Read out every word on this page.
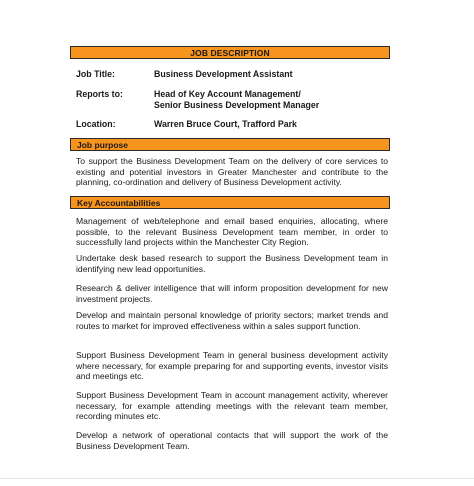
JOB DESCRIPTION
Job Title:	Business Development Assistant
Reports to:	Head of Key Account Management/
Senior Business Development Manager
Location:	Warren Bruce Court, Trafford Park
Job purpose

To support the Business Development Team on the delivery of core services to existing and potential investors in Greater Manchester and contribute to the planning, co-ordination and delivery of Business Development activity.

Key Accountabilities

Management of web/telephone and email based enquiries, allocating, where possible, to the relevant Business Development team member, in order to successfully land projects within the Manchester City Region.

Undertake desk based research to support the Business Development team in identifying new lead opportunities.

Research & deliver intelligence that will inform proposition development for new investment projects.

Develop and maintain personal knowledge of priority sectors; market trends and routes to market for improved effectiveness within a sales support function.

Support Business Development Team in general business development activity where necessary, for example preparing for and supporting events, investor visits and meetings etc.

Support Business Development Team in account management activity, wherever necessary, for example attending meetings with the relevant team member, recording minutes etc.

Develop a network of operational contacts that will support the work of the Business Development Team.
